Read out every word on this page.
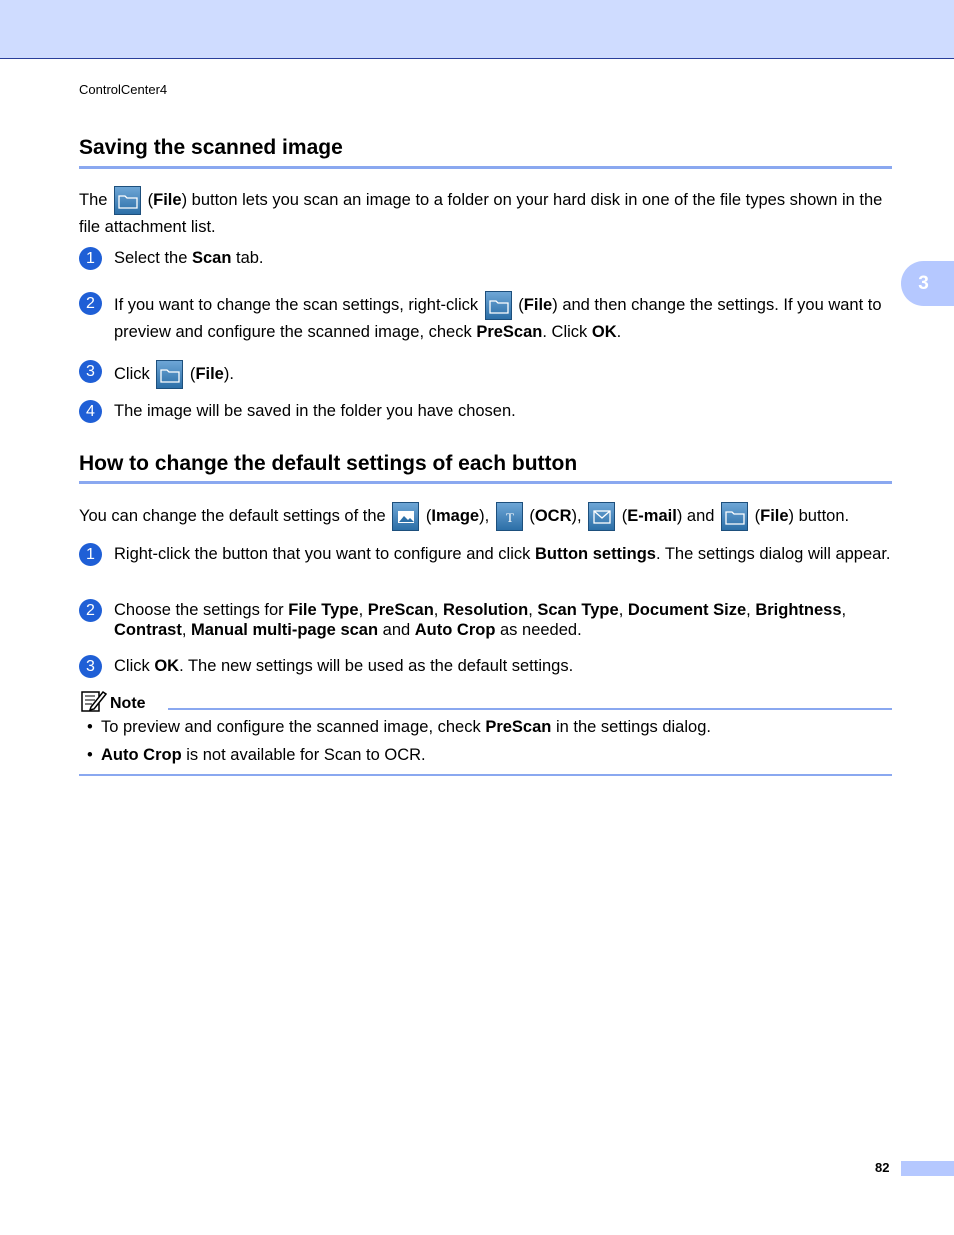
ControlCenter4
3
Saving the scanned image
The
(File) button lets you scan an image to a folder on your hard disk in one of the file types shown in the file attachment list.
1	Select the Scan tab.
2	If you want to change the scan settings, right-click
(File) and then change the settings. If you want to preview and configure the scanned image, check PreScan. Click OK.
3	Click
(File).
4	The image will be saved in the folder you have chosen.
How to change the default settings of each button
You can change the default settings of the
(Image), T (OCR),
(E-mail) and
(File) button.
1	Right-click the button that you want to configure and click Button settings. The settings dialog will appear.
2	Choose the settings for File Type, PreScan, Resolution, Scan Type, Document Size, Brightness, Contrast, Manual multi-page scan and Auto Crop as needed.
3	Click OK. The new settings will be used as the default settings.
Note
• To preview and configure the scanned image, check PreScan in the settings dialog.
• Auto Crop is not available for Scan to OCR.
82
